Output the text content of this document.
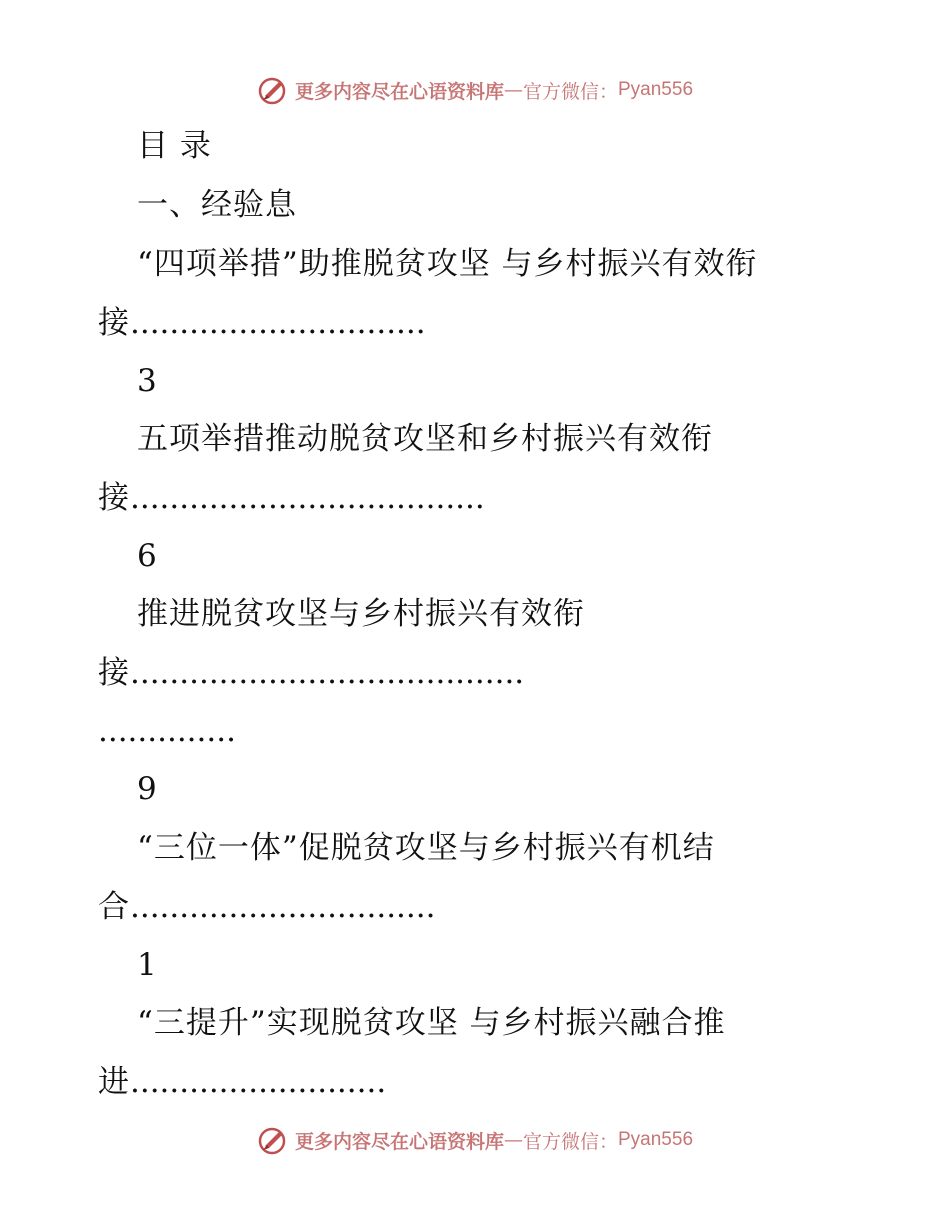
更多内容尽在心语资料库 — 官方微信： Pyan556
目 录
一、经验息
“四项举措”助推脱贫攻坚 与乡村振兴有效衔
接..............................
3
五项举措推动脱贫攻坚和乡村振兴有效衔
接....................................
6
推进脱贫攻坚与乡村振兴有效衔
接........................................
..............
9
“三位一体”促脱贫攻坚与乡村振兴有机结
合...............................
1
“三提升”实现脱贫攻坚 与乡村振兴融合推
进..........................
更多内容尽在心语资料库 — 官方微信： Pyan556
